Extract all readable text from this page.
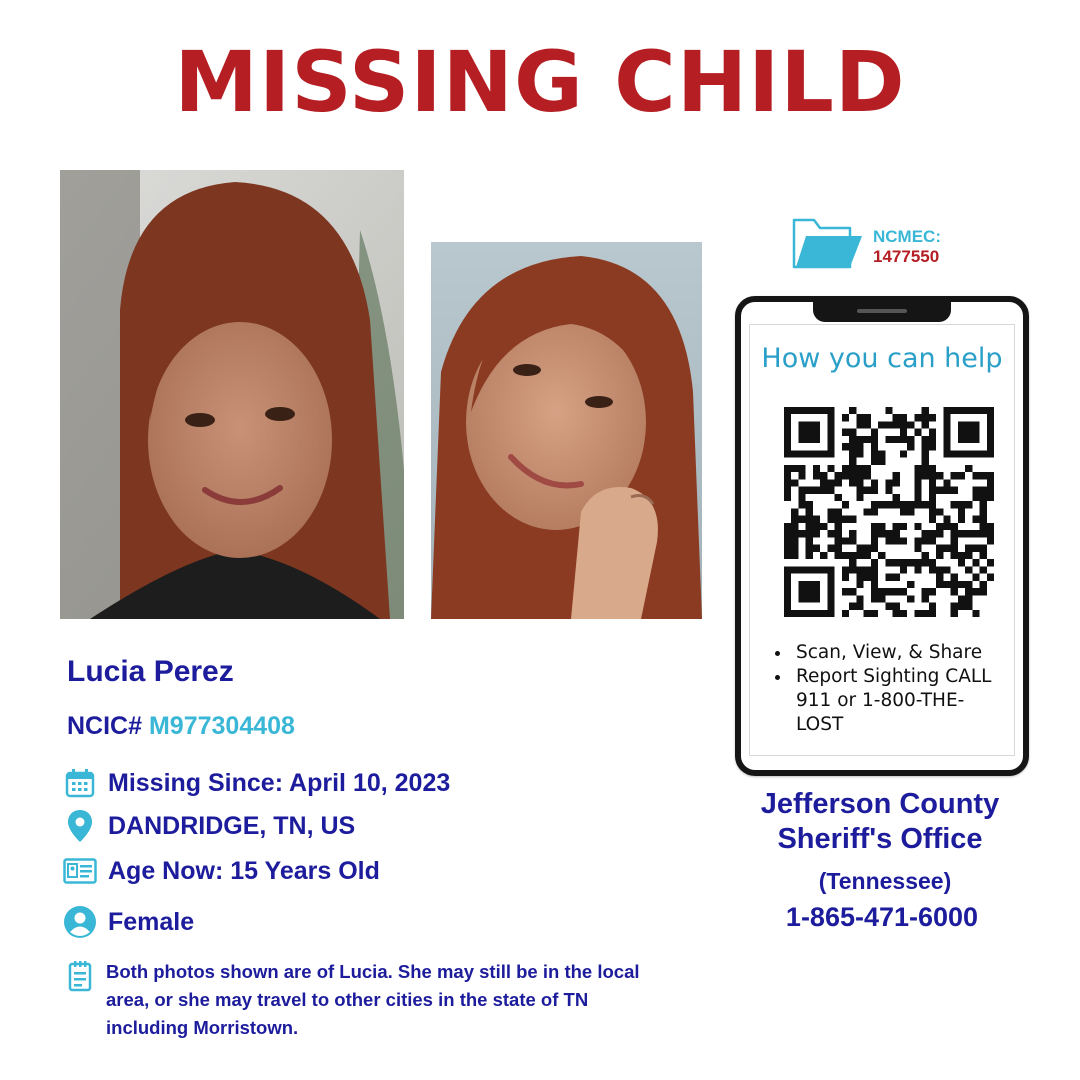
MISSING CHILD
Lucia Perez
NCIC# M977304408
Missing Since: April 10, 2023
DANDRIDGE, TN, US
Age Now: 15 Years Old
Female
Both photos shown are of Lucia. She may still be in the local area, or she may travel to other cities in the state of TN including Morristown.
NCMEC:
1477550
How you can help
• Scan, View, & Share
• Report Sighting CALL 911 or 1-800-THE-LOST
Jefferson County
Sheriff's Office
(Tennessee)
1-865-471-6000
